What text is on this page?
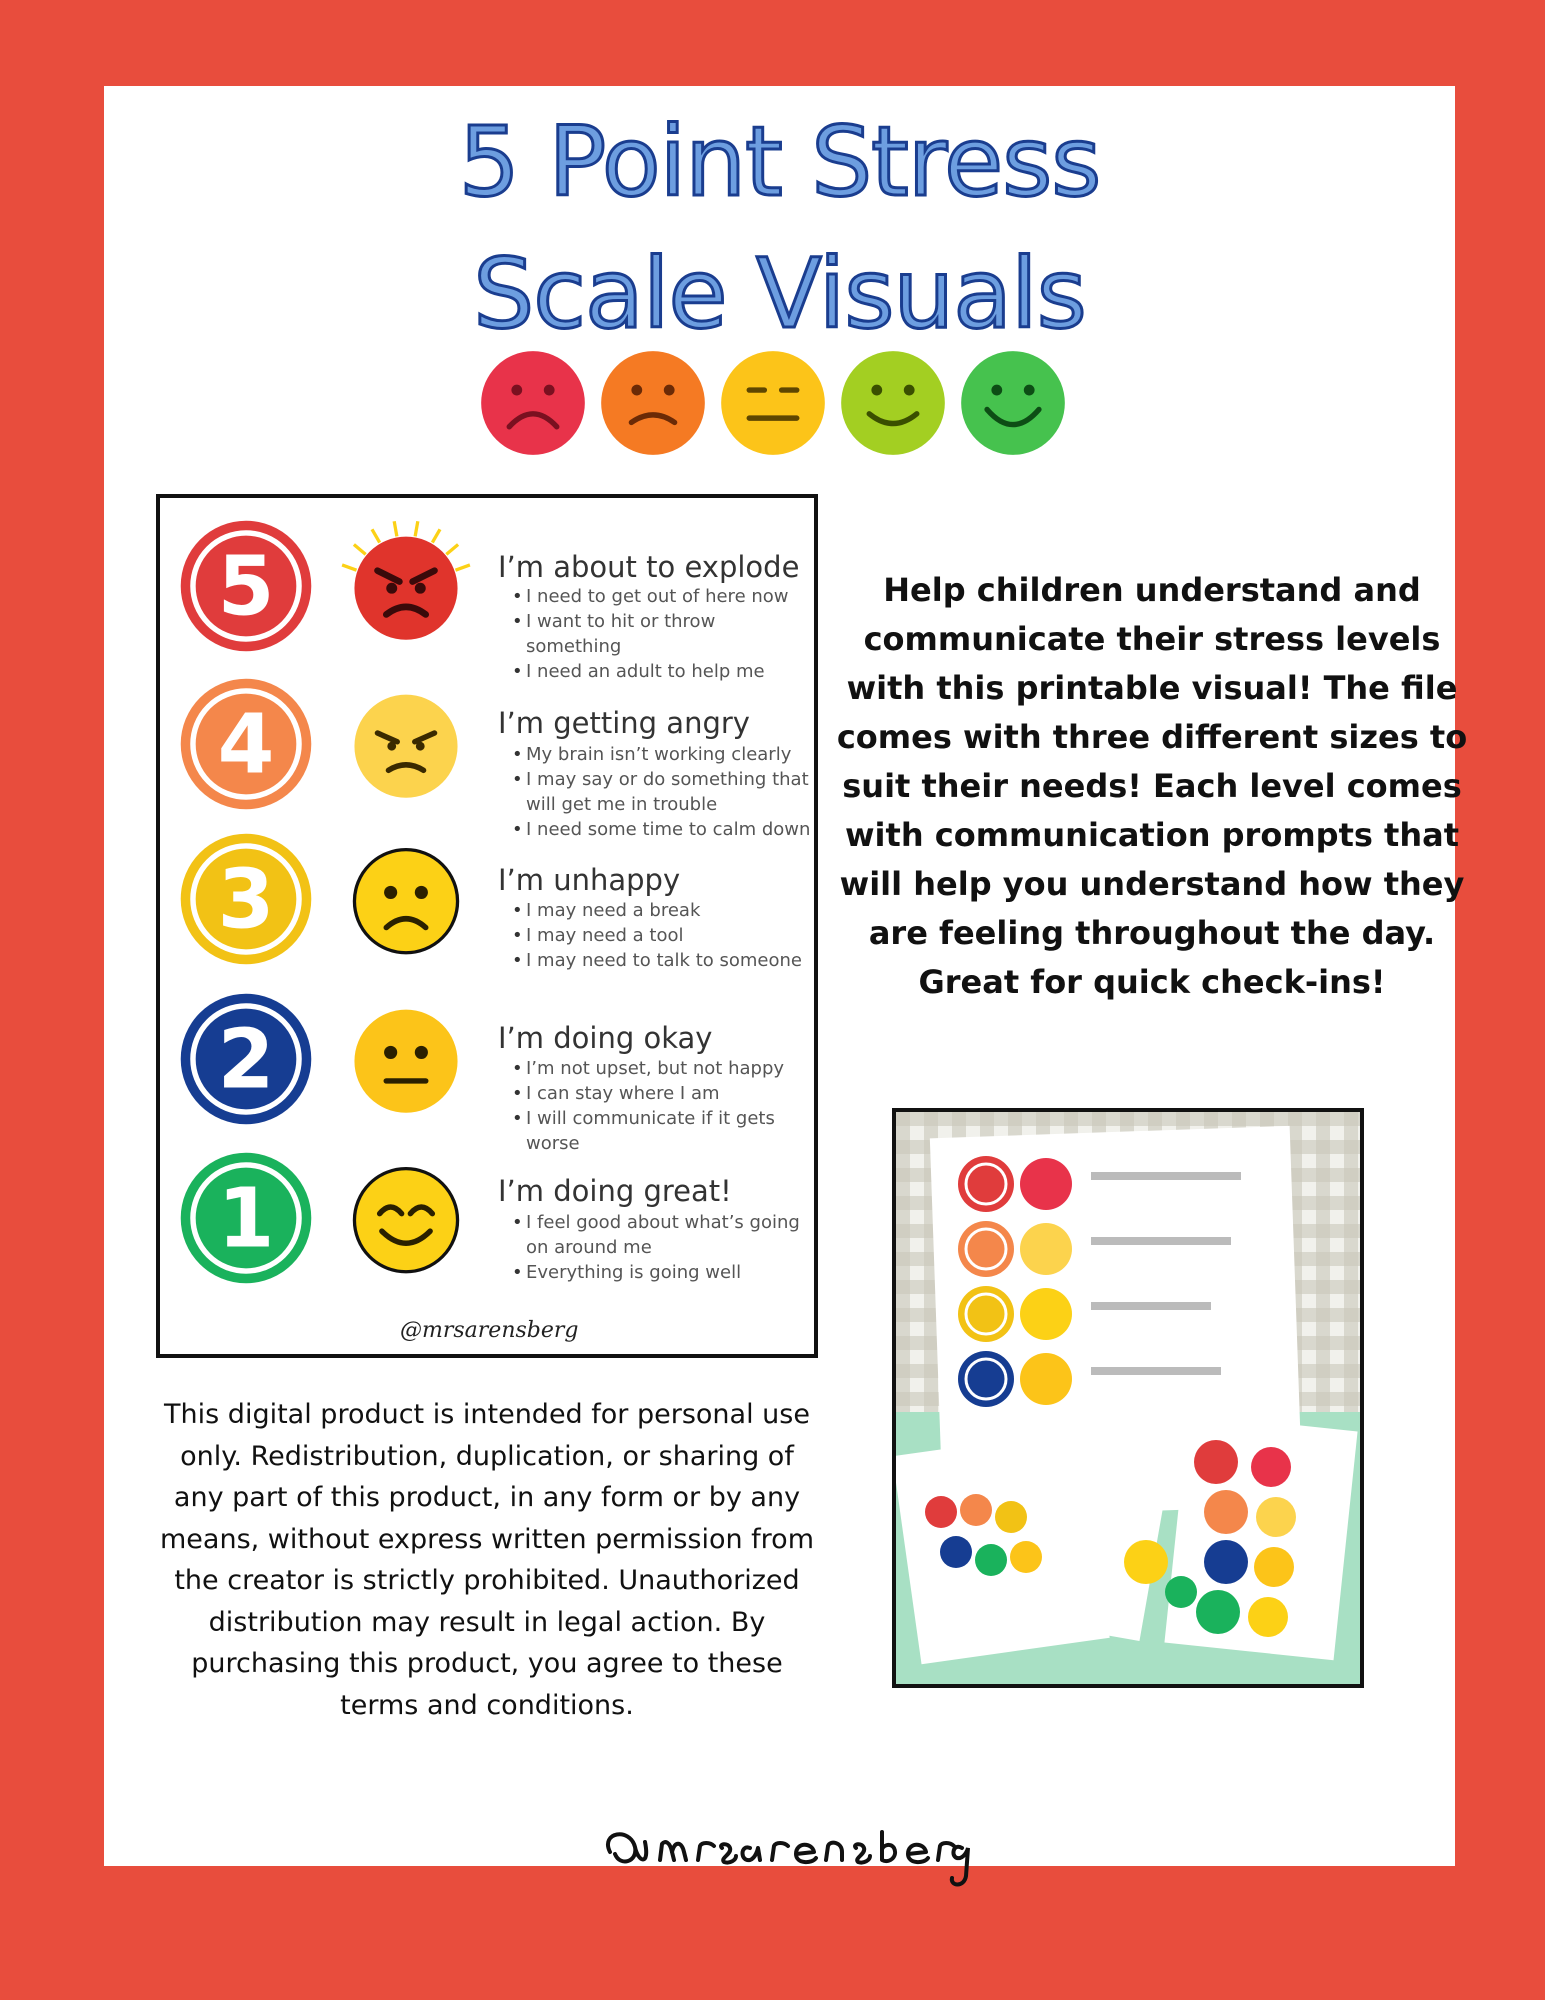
5 Point Stress
Scale Visuals
5	I’m about to explode
• I need to get out of here now
• I want to hit or throw something
• I need an adult to help me
4	I’m getting angry
• My brain isn’t working clearly
• I may say or do something that will get me in trouble
• I need some time to calm down
3	I’m unhappy
• I may need a break
• I may need a tool
• I may need to talk to someone
2	I’m doing okay
• I’m not upset, but not happy
• I can stay where I am
• I will communicate if it gets worse
1	I’m doing great!
• I feel good about what’s going on around me
• Everything is going well
@mrsarensberg
Help children understand and communicate their stress levels with this printable visual! The file comes with three different sizes to suit their needs! Each level comes with communication prompts that will help you understand how they are feeling throughout the day. Great for quick check-ins!
This digital product is intended for personal use only. Redistribution, duplication, or sharing of any part of this product, in any form or by any means, without express written permission from the creator is strictly prohibited. Unauthorized distribution may result in legal action. By purchasing this product, you agree to these terms and conditions.
